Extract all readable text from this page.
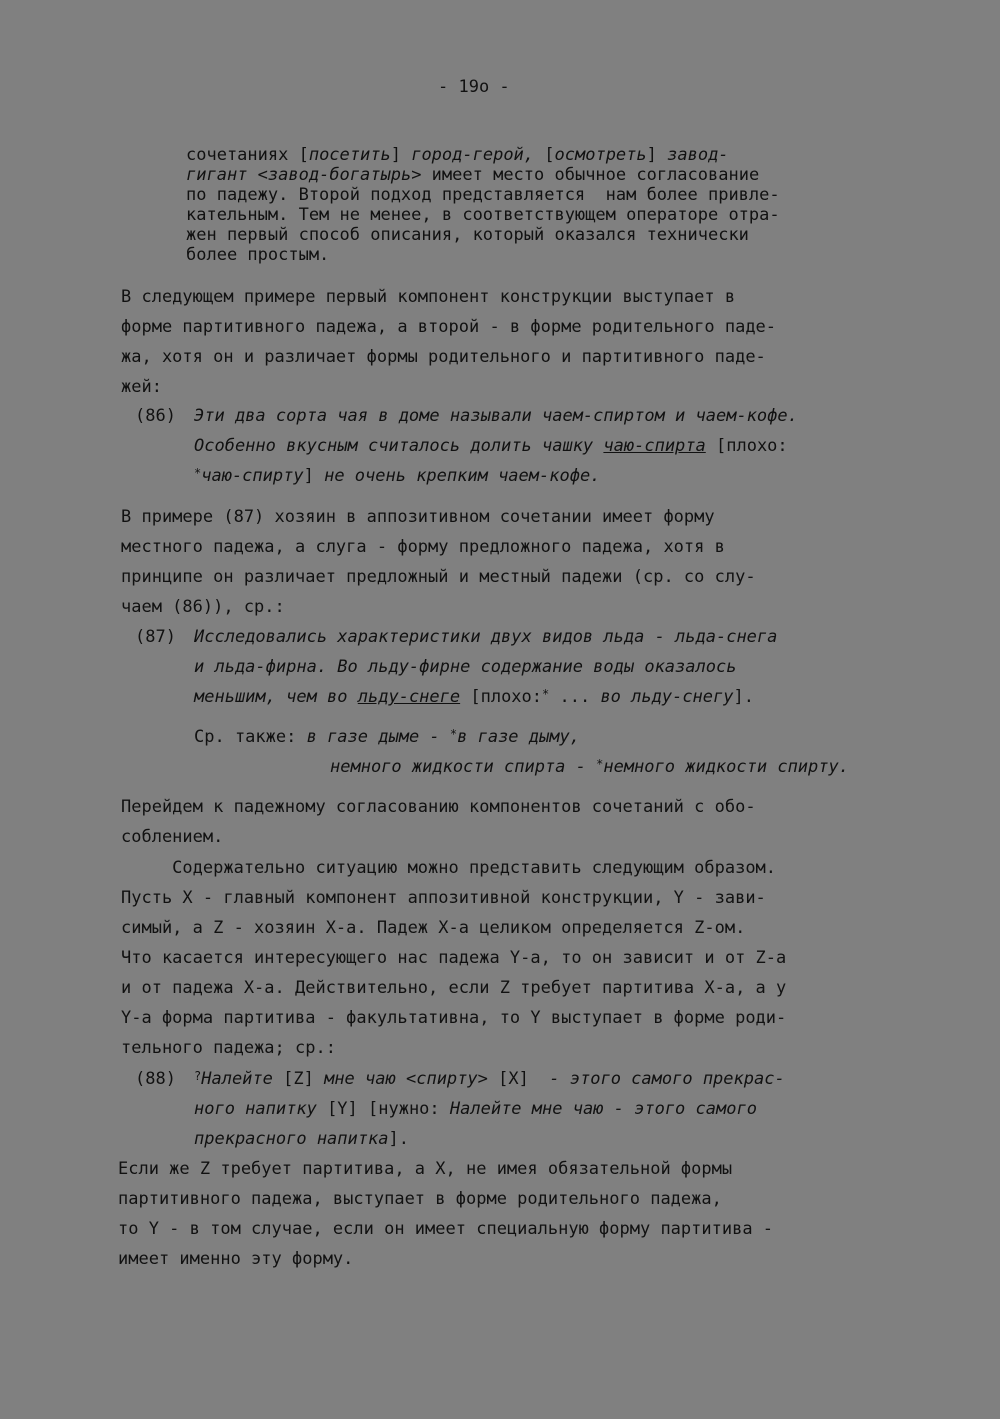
- 19o -
сочетаниях [посетить] город-герой, [осмотреть] завод-
гигант <завод-богатырь> имеет место обычное согласование
по падежу. Второй подход представляется  нам более привле-
кательным. Тем не менее, в соответствующем операторе отра-
жен первый способ описания, который оказался технически
более простым.
В следующем примере первый компонент конструкции выступает в
форме партитивного падежа, а второй - в форме родительного паде-
жа, хотя он и различает формы родительного и партитивного паде-
жей:
(86) Эти два сорта чая в доме называли чаем-спиртом и чаем-кофе.
Особенно вкусным считалось долить чашку чаю-спирта [плохо:
*чаю-спирту] не очень крепким чаем-кофе.
В примере (87) хозяин в аппозитивном сочетании имеет форму
местного падежа, а слуга - форму предложного падежа, хотя в
принципе он различает предложный и местный падежи (ср. со слу-
чаем (86)), ср.:
(87) Исследовались характеристики двух видов льда - льда-снега
и льда-фирна. Во льду-фирне содержание воды оказалось
меньшим, чем во льду-снеге [плохо:* ... во льду-снегу].
Ср. также: в газе дыме - *в газе дыму,
немного жидкости спирта - *немного жидкости спирту.
Перейдем к падежному согласованию компонентов сочетаний с обо-
соблением.
Содержательно ситуацию можно представить следующим образом.
Пусть X - главный компонент аппозитивной конструкции, Y - зави-
симый, а Z - хозяин X-а. Падеж X-а целиком определяется Z-ом.
Что касается интересующего нас падежа Y-а, то он зависит и от Z-а
и от падежа X-а. Действительно, если Z требует партитива X-а, а у
Y-а форма партитива - факультативна, то Y выступает в форме роди-
тельного падежа; ср.:
(88) ?Налейте [Z] мне чаю <спирту> [X]  - этого самого прекрас-
ного напитку [Y] [нужно: Налейте мне чаю - этого самого
прекрасного напитка].
Если же Z требует партитива, а X, не имея обязательной формы
партитивного падежа, выступает в форме родительного падежа,
то Y - в том случае, если он имеет специальную форму партитива -
имеет именно эту форму.
